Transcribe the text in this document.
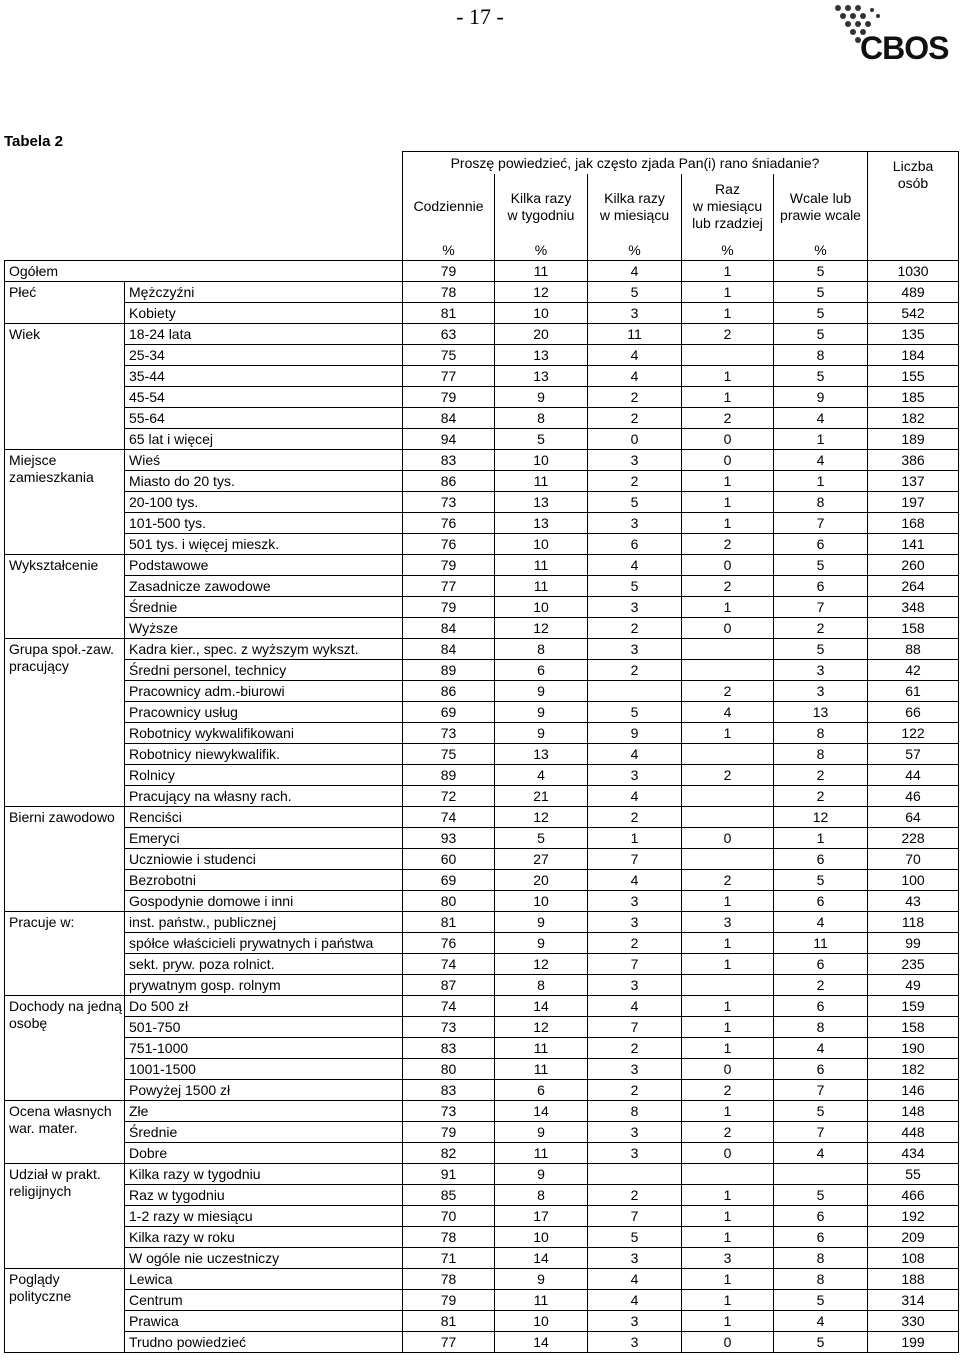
- 17 -
CBOS
Tabela 2
		Proszę powiedzieć, jak często zjada Pan(i) rano śniadanie?					Liczba
osób
		Codziennie	Kilka razy
w tygodniu	Kilka razy
w miesiącu	Raz
w miesiącu
lub rzadziej	Wcale lub
prawie wcale	
		%	%	%	%	%	
Ogółem		79	11	4	1	5	1030
Płeć	Mężczyźni	78	12	5	1	5	489
	Kobiety	81	10	3	1	5	542
Wiek	18-24 lata	63	20	11	2	5	135
	25-34	75	13	4		8	184
	35-44	77	13	4	1	5	155
	45-54	79	9	2	1	9	185
	55-64	84	8	2	2	4	182
	65 lat i więcej	94	5	0	0	1	189
Miejsce zamieszkania	Wieś	83	10	3	0	4	386
	Miasto do 20 tys.	86	11	2	1	1	137
	20-100 tys.	73	13	5	1	8	197
	101-500 tys.	76	13	3	1	7	168
	501 tys. i więcej mieszk.	76	10	6	2	6	141
Wykształcenie	Podstawowe	79	11	4	0	5	260
	Zasadnicze zawodowe	77	11	5	2	6	264
	Średnie	79	10	3	1	7	348
	Wyższe	84	12	2	0	2	158
Grupa społ.-zaw. pracujący	Kadra kier., spec. z wyższym wykszt.	84	8	3		5	88
	Średni personel, technicy	89	6	2		3	42
	Pracownicy adm.-biurowi	86	9		2	3	61
	Pracownicy usług	69	9	5	4	13	66
	Robotnicy wykwalifikowani	73	9	9	1	8	122
	Robotnicy niewykwalifik.	75	13	4		8	57
	Rolnicy	89	4	3	2	2	44
	Pracujący na własny rach.	72	21	4		2	46
Bierni zawodowo	Renciści	74	12	2		12	64
	Emeryci	93	5	1	0	1	228
	Uczniowie i studenci	60	27	7		6	70
	Bezrobotni	69	20	4	2	5	100
	Gospodynie domowe i inni	80	10	3	1	6	43
Pracuje w:	inst. państw., publicznej	81	9	3	3	4	118
	spółce właścicieli prywatnych i państwa	76	9	2	1	11	99
	sekt. pryw. poza rolnict.	74	12	7	1	6	235
	prywatnym gosp. rolnym	87	8	3		2	49
Dochody na jedną osobę	Do 500 zł	74	14	4	1	6	159
	501-750	73	12	7	1	8	158
	751-1000	83	11	2	1	4	190
	1001-1500	80	11	3	0	6	182
	Powyżej 1500 zł	83	6	2	2	7	146
Ocena własnych war. mater.	Złe	73	14	8	1	5	148
	Średnie	79	9	3	2	7	448
	Dobre	82	11	3	0	4	434
Udział w prakt. religijnych	Kilka razy w tygodniu	91	9				55
	Raz w tygodniu	85	8	2	1	5	466
	1-2 razy w miesiącu	70	17	7	1	6	192
	Kilka razy w roku	78	10	5	1	6	209
	W ogóle nie uczestniczy	71	14	3	3	8	108
Poglądy polityczne	Lewica	78	9	4	1	8	188
	Centrum	79	11	4	1	5	314
	Prawica	81	10	3	1	4	330
	Trudno powiedzieć	77	14	3	0	5	199
